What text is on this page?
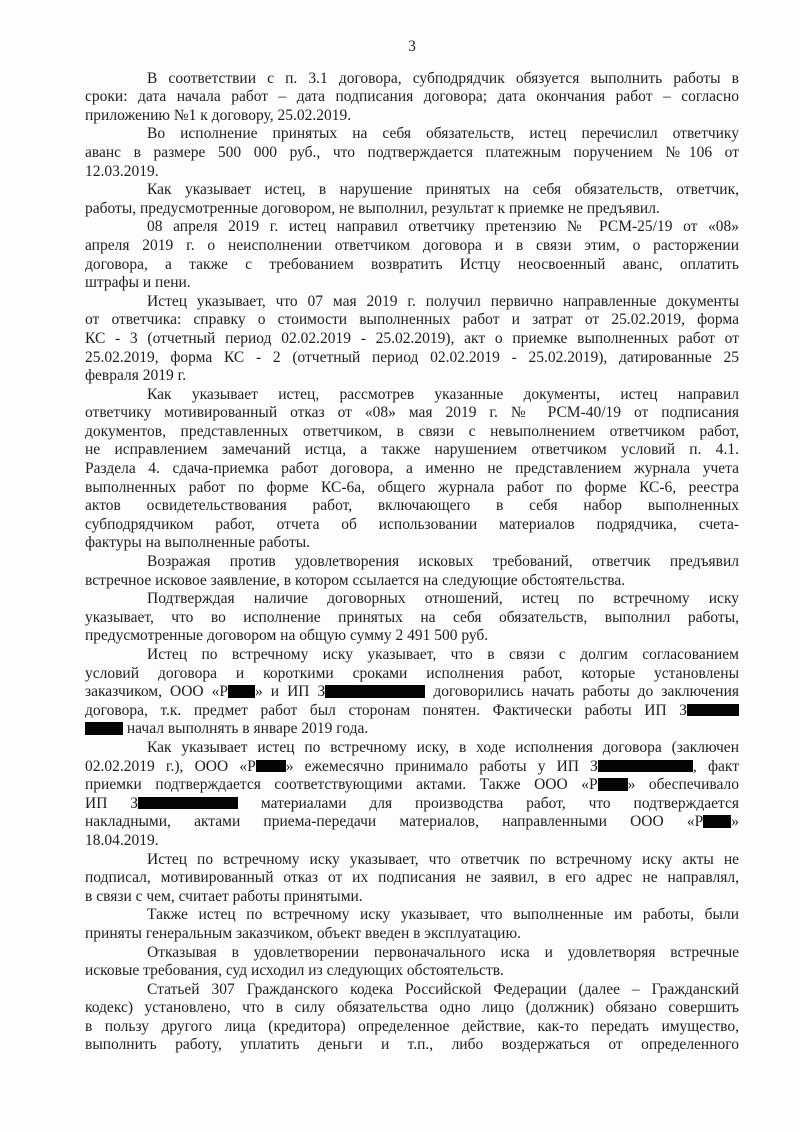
3
В соответствии с п. 3.1 договора, субподрядчик обязуется выполнить работы в
сроки: дата начала работ – дата подписания договора; дата окончания работ – согласно
приложению №1 к договору, 25.02.2019.
Во исполнение принятых на себя обязательств, истец перечислил ответчику
аванс в размере 500 000 руб., что подтверждается платежным поручением №106 от
12.03.2019.
Как указывает истец, в нарушение принятых на себя обязательств, ответчик,
работы, предусмотренные договором, не выполнил, результат к приемке не предъявил.
08 апреля 2019 г. истец направил ответчику претензию № РСМ-25/19 от «08»
апреля 2019 г. о неисполнении ответчиком договора и в связи этим, о расторжении
договора, а также с требованием возвратить Истцу неосвоенный аванс, оплатить
штрафы и пени.
Истец указывает, что 07 мая 2019 г. получил первично направленные документы
от ответчика: справку о стоимости выполненных работ и затрат от 25.02.2019, форма
КС - 3 (отчетный период 02.02.2019 - 25.02.2019), акт о приемке выполненных работ от
25.02.2019, форма КС - 2 (отчетный период 02.02.2019 - 25.02.2019), датированные 25
февраля 2019 г.
Как указывает истец, рассмотрев указанные документы, истец направил
ответчику мотивированный отказ от «08» мая 2019 г. № РСМ-40/19 от подписания
документов, представленных ответчиком, в связи с невыполнением ответчиком работ,
не исправлением замечаний истца, а также нарушением ответчиком условий п. 4.1.
Раздела 4. сдача-приемка работ договора, а именно не представлением журнала учета
выполненных работ по форме КС-6а, общего журнала работ по форме КС-6, реестра
актов освидетельствования работ, включающего в себя набор выполненных
субподрядчиком работ, отчета об использовании материалов подрядчика, счета-
фактуры на выполненные работы.
Возражая против удовлетворения исковых требований, ответчик предъявил
встречное исковое заявление, в котором ссылается на следующие обстоятельства.
Подтверждая наличие договорных отношений, истец по встречному иску
указывает, что во исполнение принятых на себя обязательств, выполнил работы,
предусмотренные договором на общую сумму 2 491 500 руб.
Истец по встречному иску указывает, что в связи с долгим согласованием
условий договора и короткими сроками исполнения работ, которые установлены
заказчиком, ООО «Р » и ИП З	договорились начать работы до заключения
договора, т.к. предмет работ был сторонам понятен. Фактически работы ИП З
начал выполнять в январе 2019 года.
Как указывает истец по встречному иску, в ходе исполнения договора (заключен
02.02.2019 г.), ООО «Р » ежемесячно принимало работы у ИП З	, факт
приемки подтверждается соответствующими актами. Также ООО «Р » обеспечивало
ИП З	материалами для производства работ, что подтверждается
накладными, актами приема-передачи материалов, направленными ООО «Р »
18.04.2019.
Истец по встречному иску указывает, что ответчик по встречному иску акты не
подписал, мотивированный отказ от их подписания не заявил, в его адрес не направлял,
в связи с чем, считает работы принятыми.
Также истец по встречному иску указывает, что выполненные им работы, были
приняты генеральным заказчиком, объект введен в эксплуатацию.
Отказывая в удовлетворении первоначального иска и удовлетворяя встречные
исковые требования, суд исходил из следующих обстоятельств.
Статьей 307 Гражданского кодека Российской Федерации (далее – Гражданский
кодекс) установлено, что в силу обязательства одно лицо (должник) обязано совершить
в пользу другого лица (кредитора) определенное действие, как-то передать имущество,
выполнить работу, уплатить деньги и т.п., либо воздержаться от определенного
